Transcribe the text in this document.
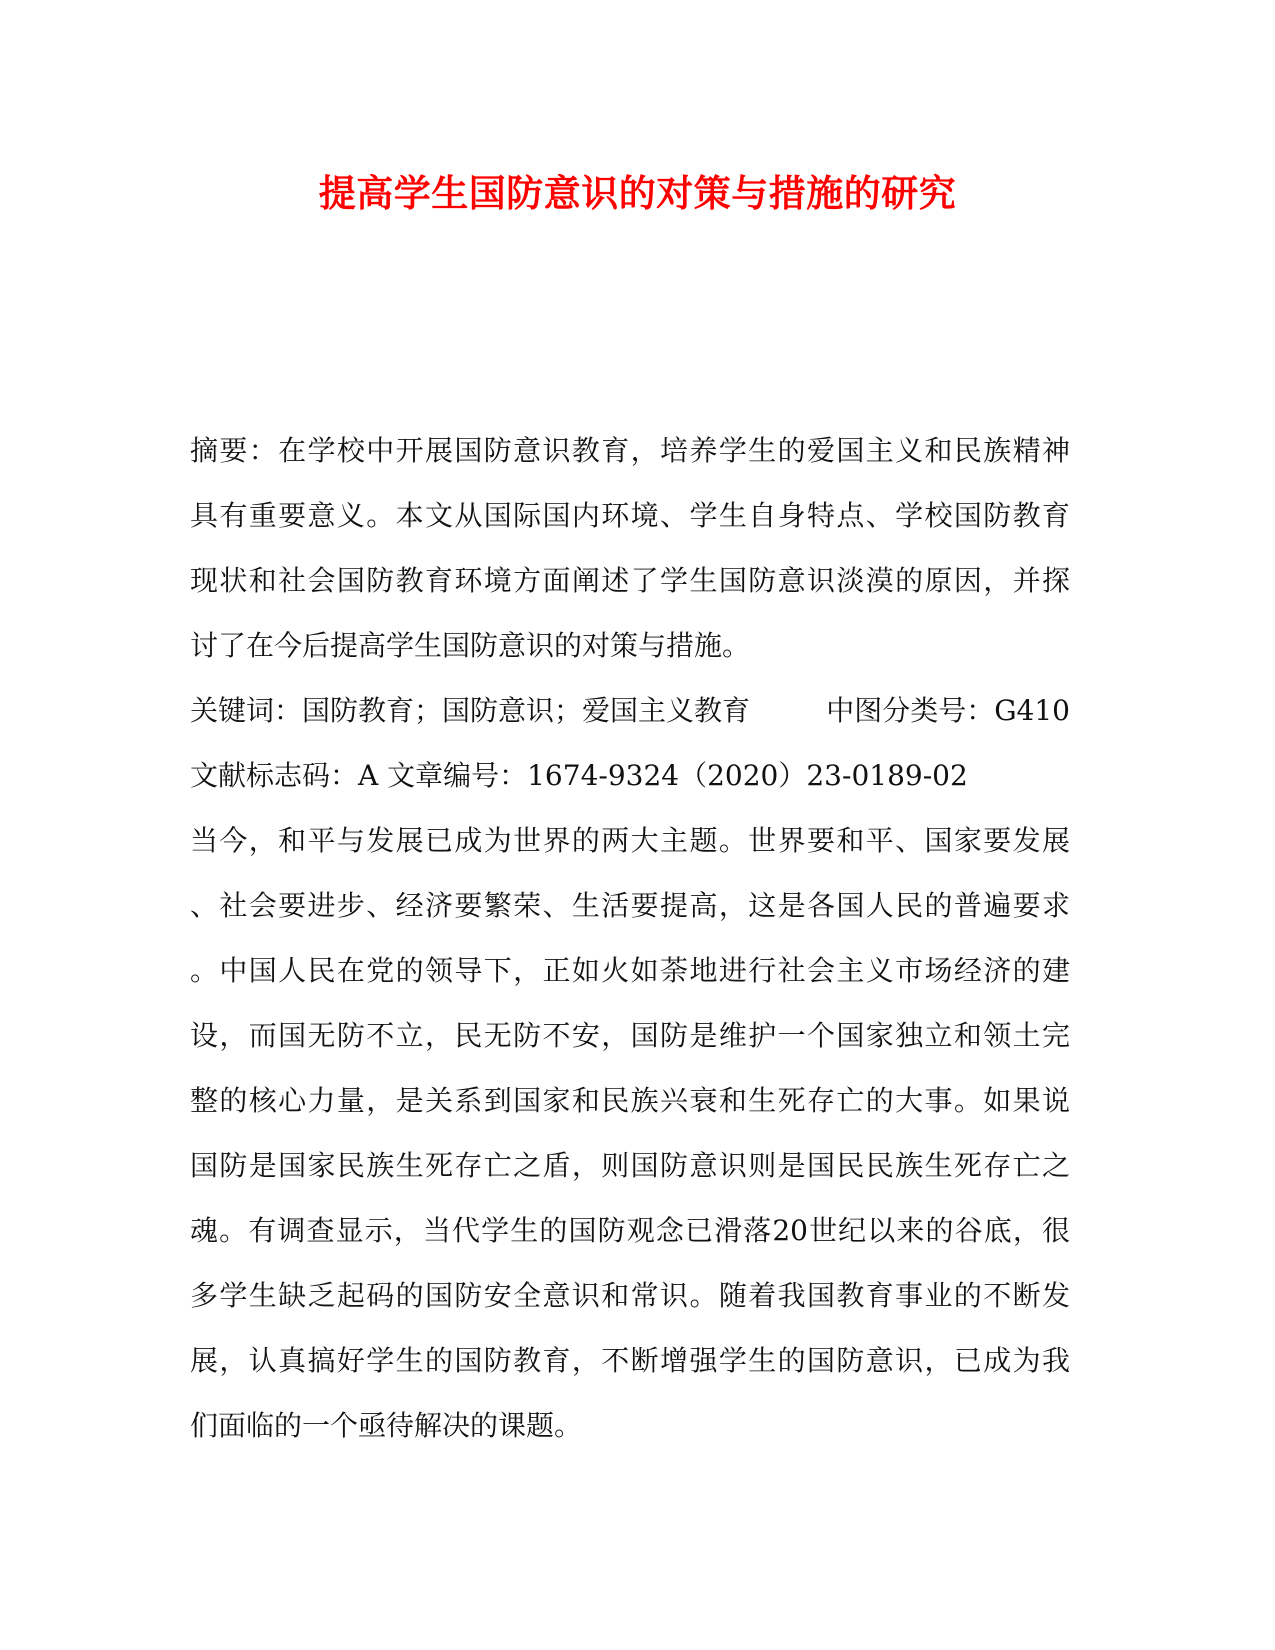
提高学生国防意识的对策与措施的研究
摘要：在学校中开展国防意识教育，培养学生的爱国主义和民族精神
具有重要意义。本文从国际国内环境、学生自身特点、学校国防教育
现状和社会国防教育环境方面阐述了学生国防意识淡漠的原因，并探
讨了在今后提高学生国防意识的对策与措施。
关键词：国防教育；国防意识；爱国主义教育	中图分类号：G410
文献标志码：A 文章编号：1674-9324（2020）23-0189-02
当今，和平与发展已成为世界的两大主题。世界要和平、国家要发展
、社会要进步、经济要繁荣、生活要提高，这是各国人民的普遍要求
。中国人民在党的领导下，正如火如荼地进行社会主义市场经济的建
设，而国无防不立，民无防不安，国防是维护一个国家独立和领土完
整的核心力量，是关系到国家和民族兴衰和生死存亡的大事。如果说
国防是国家民族生死存亡之盾，则国防意识则是国民民族生死存亡之
魂。有调查显示，当代学生的国防观念已滑落20世纪以来的谷底，很
多学生缺乏起码的国防安全意识和常识。随着我国教育事业的不断发
展，认真搞好学生的国防教育，不断增强学生的国防意识，已成为我
们面临的一个亟待解决的课题。
